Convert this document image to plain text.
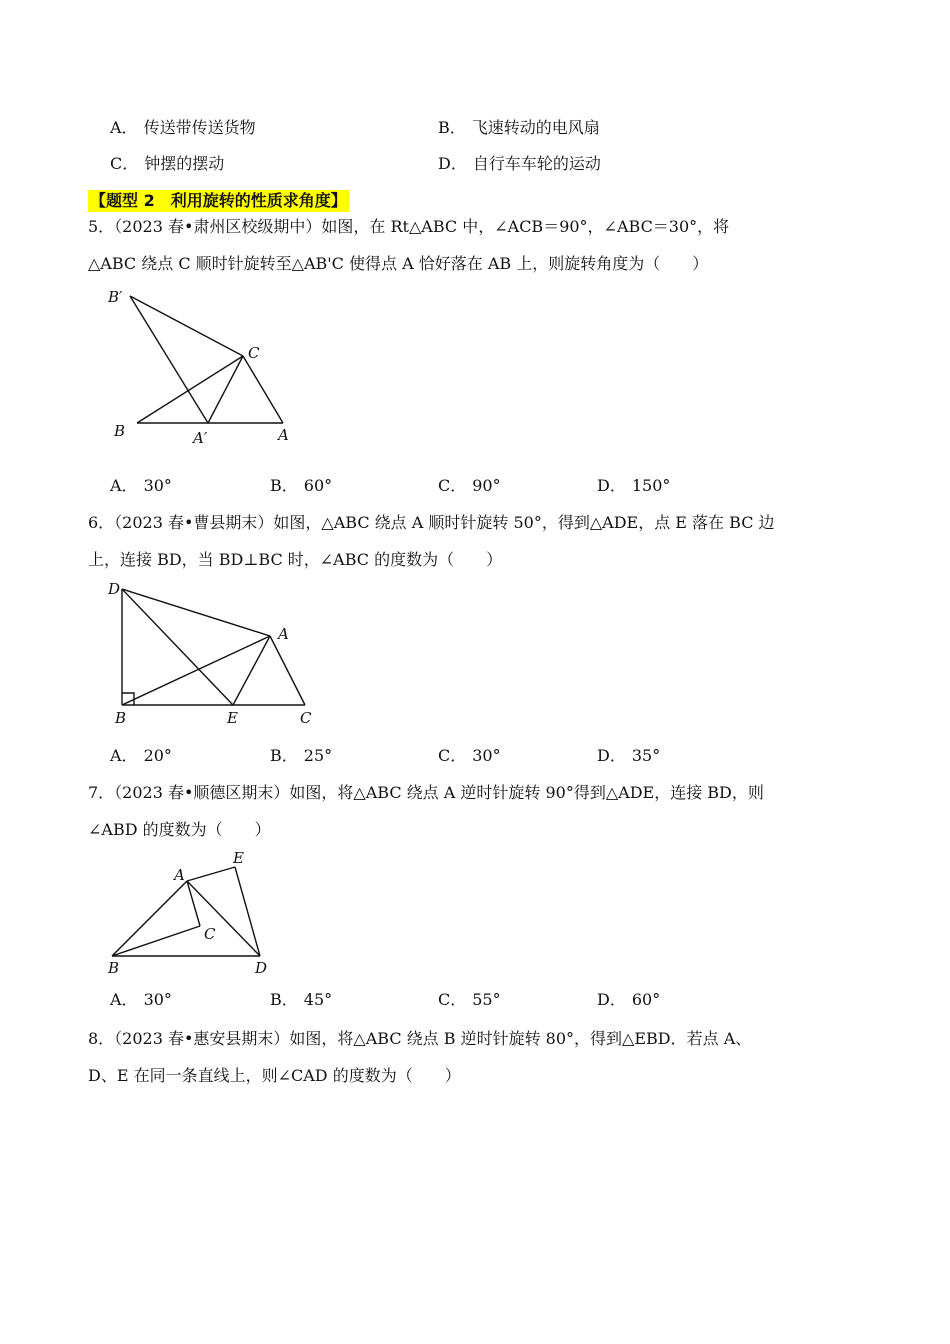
A． 传送带传送货物	B． 飞速转动的电风扇
C． 钟摆的摆动	D． 自行车车轮的运动
【题型 2　利用旋转的性质求角度】
5．（2023 春•肃州区校级期中）如图，在 Rt△ABC 中，∠ACB＝90°，∠ABC＝30°，将
△ABC 绕点 C 顺时针旋转至△AB'C 使得点 A 恰好落在 AB 上，则旋转角度为（　　）
B′
C
B	A′	A
A． 30°	B． 60°	C． 90°	D． 150°
6．（2023 春•曹县期末）如图，△ABC 绕点 A 顺时针旋转 50°，得到△ADE，点 E 落在 BC 边
上，连接 BD，当 BD⊥BC 时，∠ABC 的度数为（　　）
D
A
B	E	C
A． 20°	B． 25°	C． 30°	D． 35°
7．（2023 春•顺德区期末）如图，将△ABC 绕点 A 逆时针旋转 90°得到△ADE，连接 BD，则
∠ABD 的度数为（　　）
E
A
C
B	D
A． 30°	B． 45°	C． 55°	D． 60°
8．（2023 春•惠安县期末）如图，将△ABC 绕点 B 逆时针旋转 80°，得到△EBD．若点 A、
D、E 在同一条直线上，则∠CAD 的度数为（　　）
